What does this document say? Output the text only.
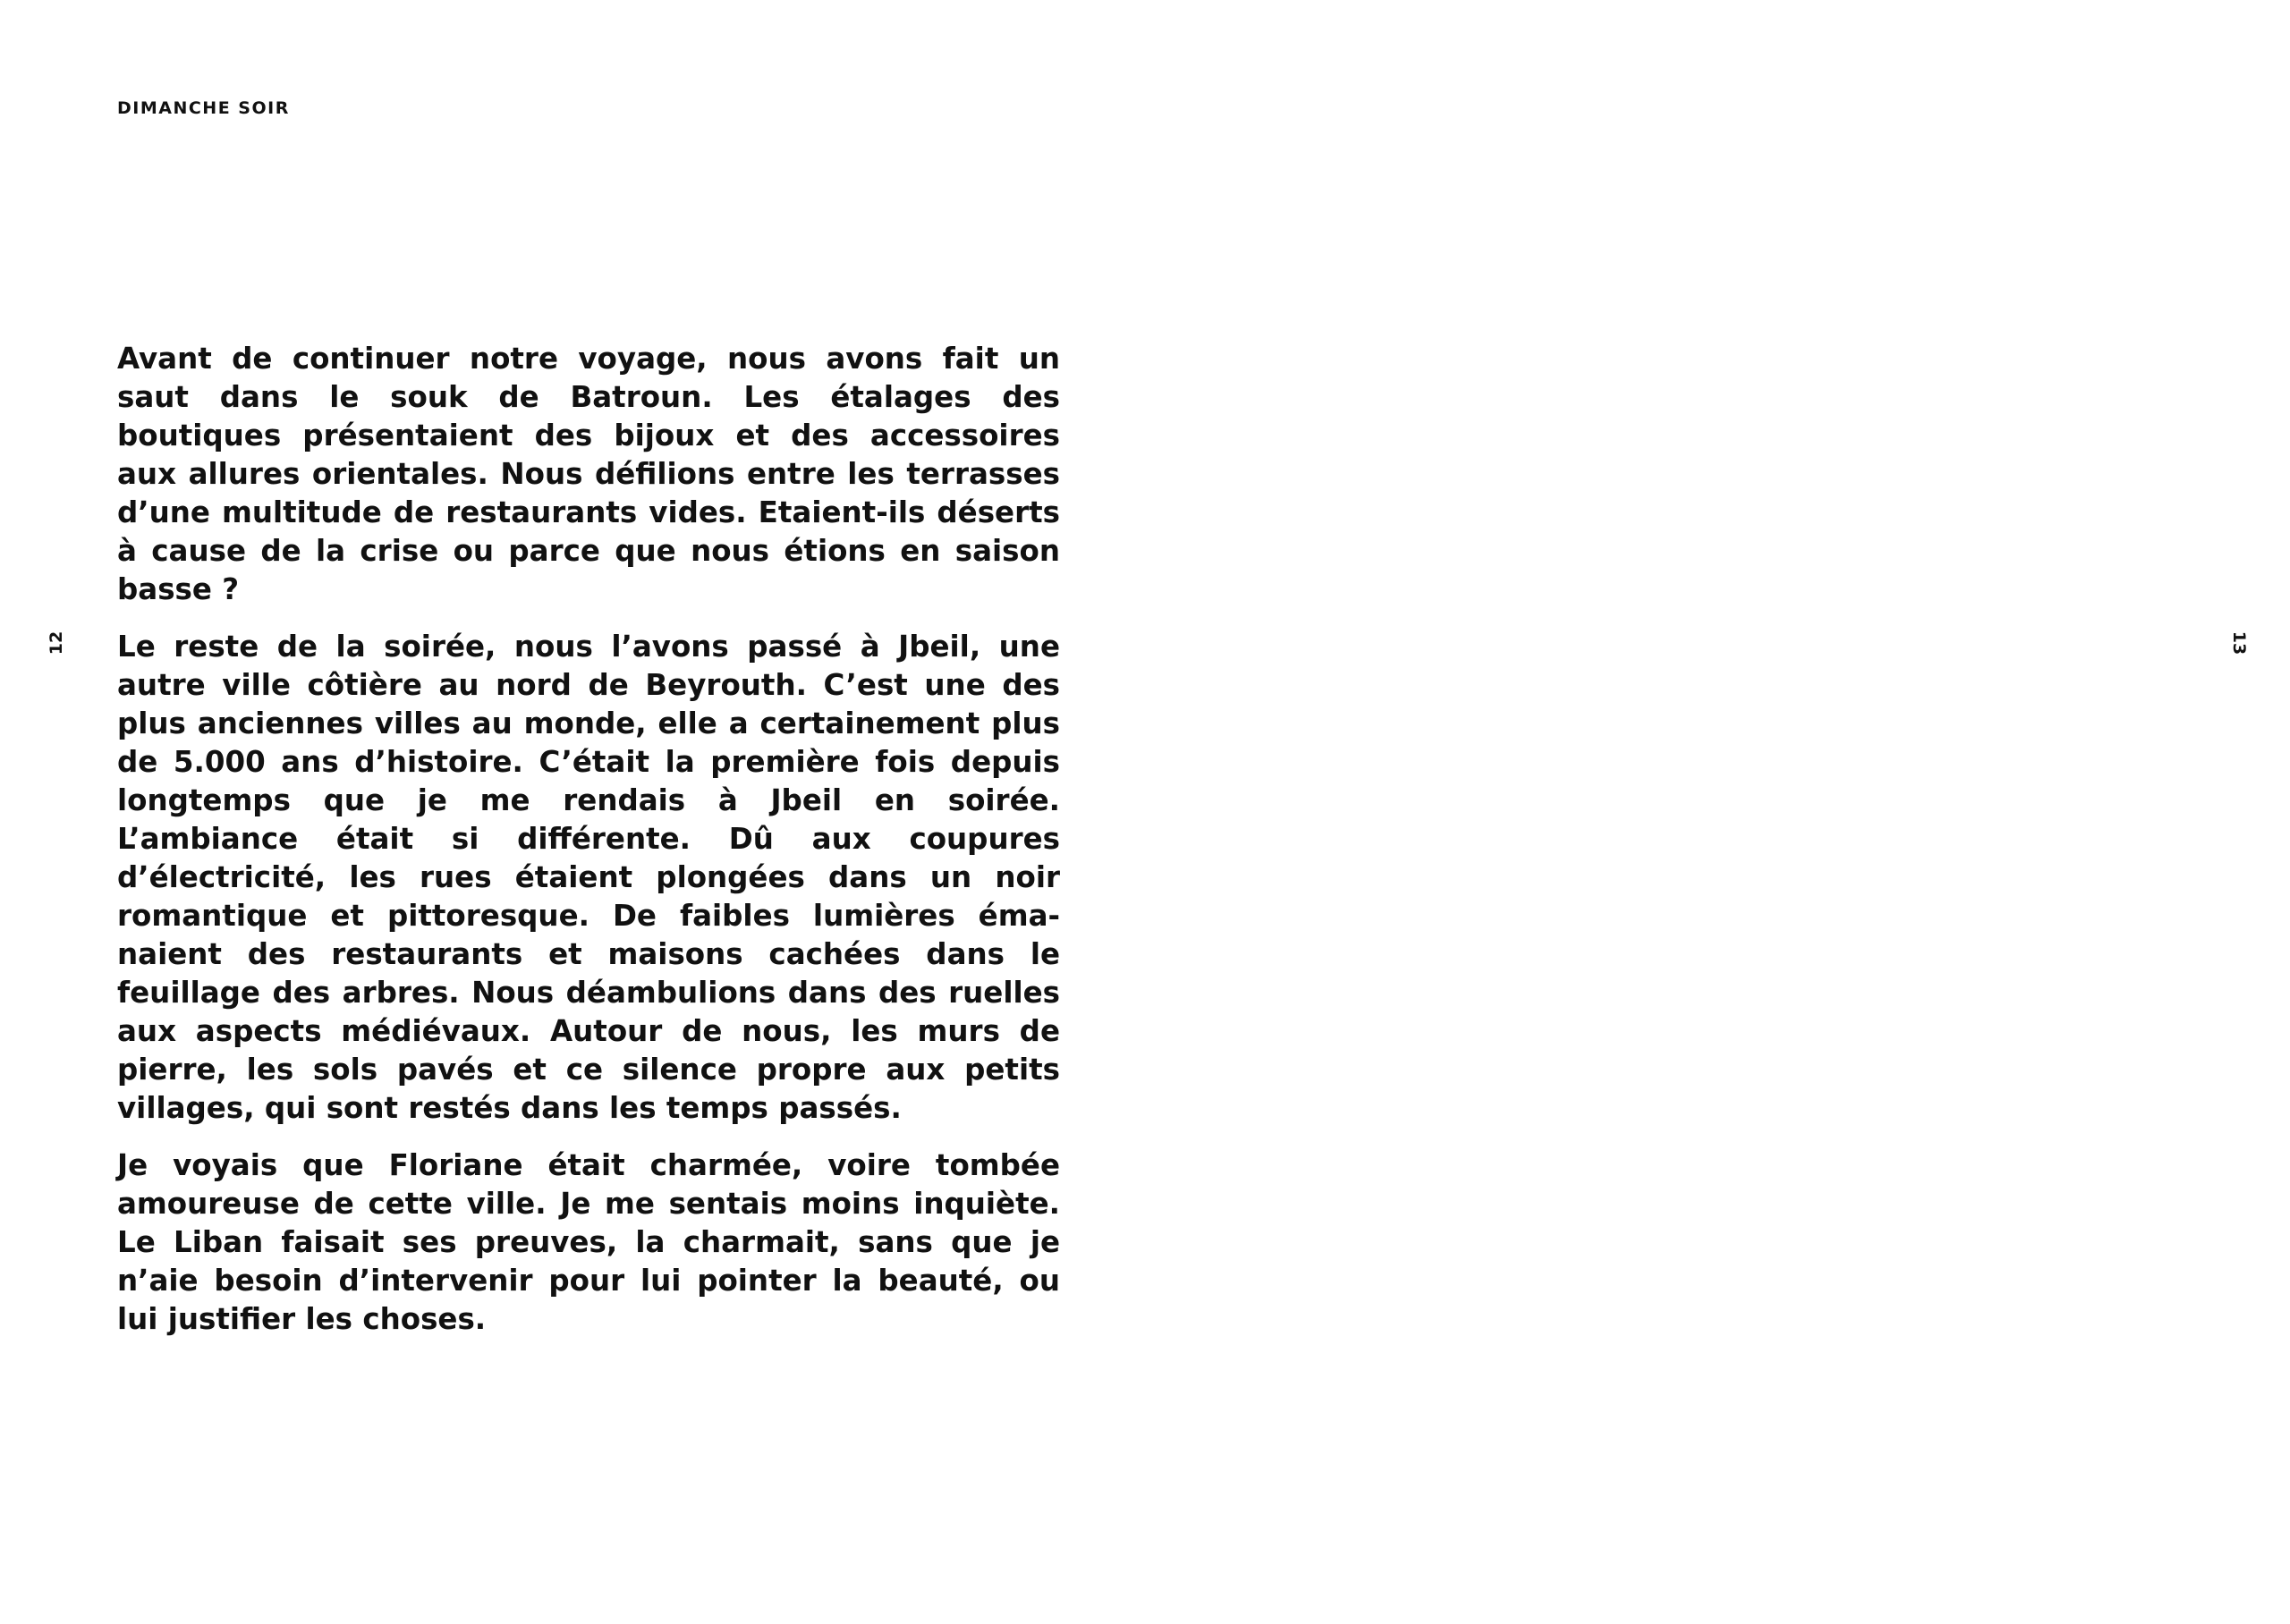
DIMANCHE SOIR
12

Avant de continuer notre voyage, nous avons fait un saut dans le souk de Batroun. Les étalages des boutiques présentaient des bijoux et des accessoires aux allures orientales. Nous défilions entre les terrasses d’une multitude de restaurants vides. Etaient-ils déserts à cause de la crise ou parce que nous étions en saison basse ?

Le reste de la soirée, nous l’avons passé à Jbeil, une autre ville côtière au nord de Beyrouth. C’est une des plus anciennes villes au monde, elle a certainement plus de 5.000 ans d’histoire. C’était la première fois depuis longtemps que je me rendais à Jbeil en soirée. L’ambiance était si différente. Dû aux coupures d’électricité, les rues étaient plongées dans un noir romantique et pittoresque. De faibles lumières émanaient des restaurants et maisons cachées dans le feuillage des arbres. Nous déambulions dans des ruelles aux aspects médiévaux. Autour de nous, les murs de pierre, les sols pavés et ce silence propre aux petits villages, qui sont restés dans les temps passés.

Je voyais que Floriane était charmée, voire tombée amoureuse de cette ville. Je me sentais moins inquiète. Le Liban faisait ses preuves, la charmait, sans que je n’aie besoin d’intervenir pour lui pointer la beauté, ou lui justifier les choses.

13
